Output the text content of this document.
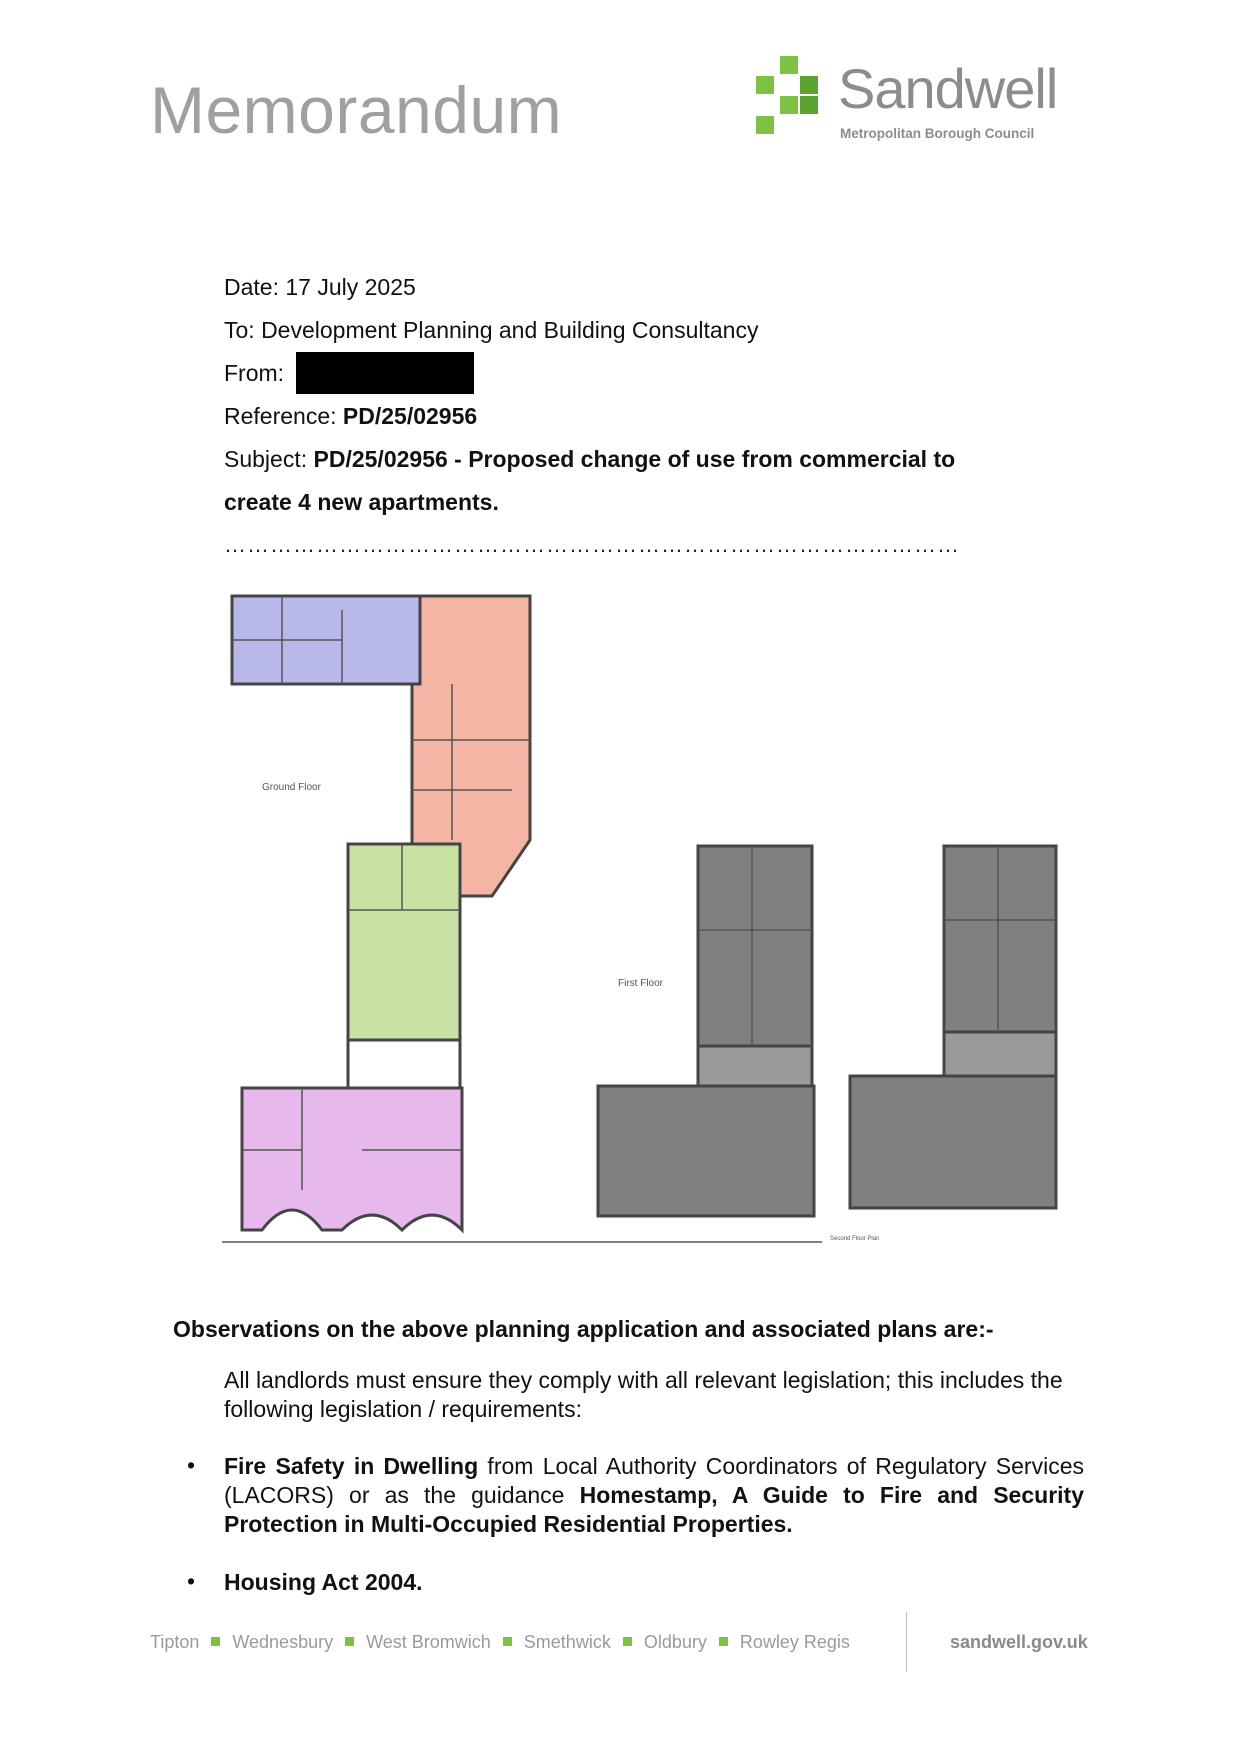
Memorandum	Sandwell
Metropolitan Borough Council
Date: 17 July 2025
To: Development Planning and Building Consultancy
From:
Reference: PD/25/02956
Subject: PD/25/02956 - Proposed change of use from commercial to
create 4 new apartments.
……………………………………………………………………………………
Ground Floor
First Floor
Second Floor Plan
Observations on the above planning application and associated plans are:-
All landlords must ensure they comply with all relevant legislation; this includes the following legislation / requirements:
• Fire Safety in Dwelling from Local Authority Coordinators of Regulatory Services (LACORS) or as the guidance Homestamp, A Guide to Fire and Security Protection in Multi-Occupied Residential Properties.
• Housing Act 2004.
Tipton Wednesbury West Bromwich Smethwick Oldbury Rowley Regis	sandwell.gov.uk
